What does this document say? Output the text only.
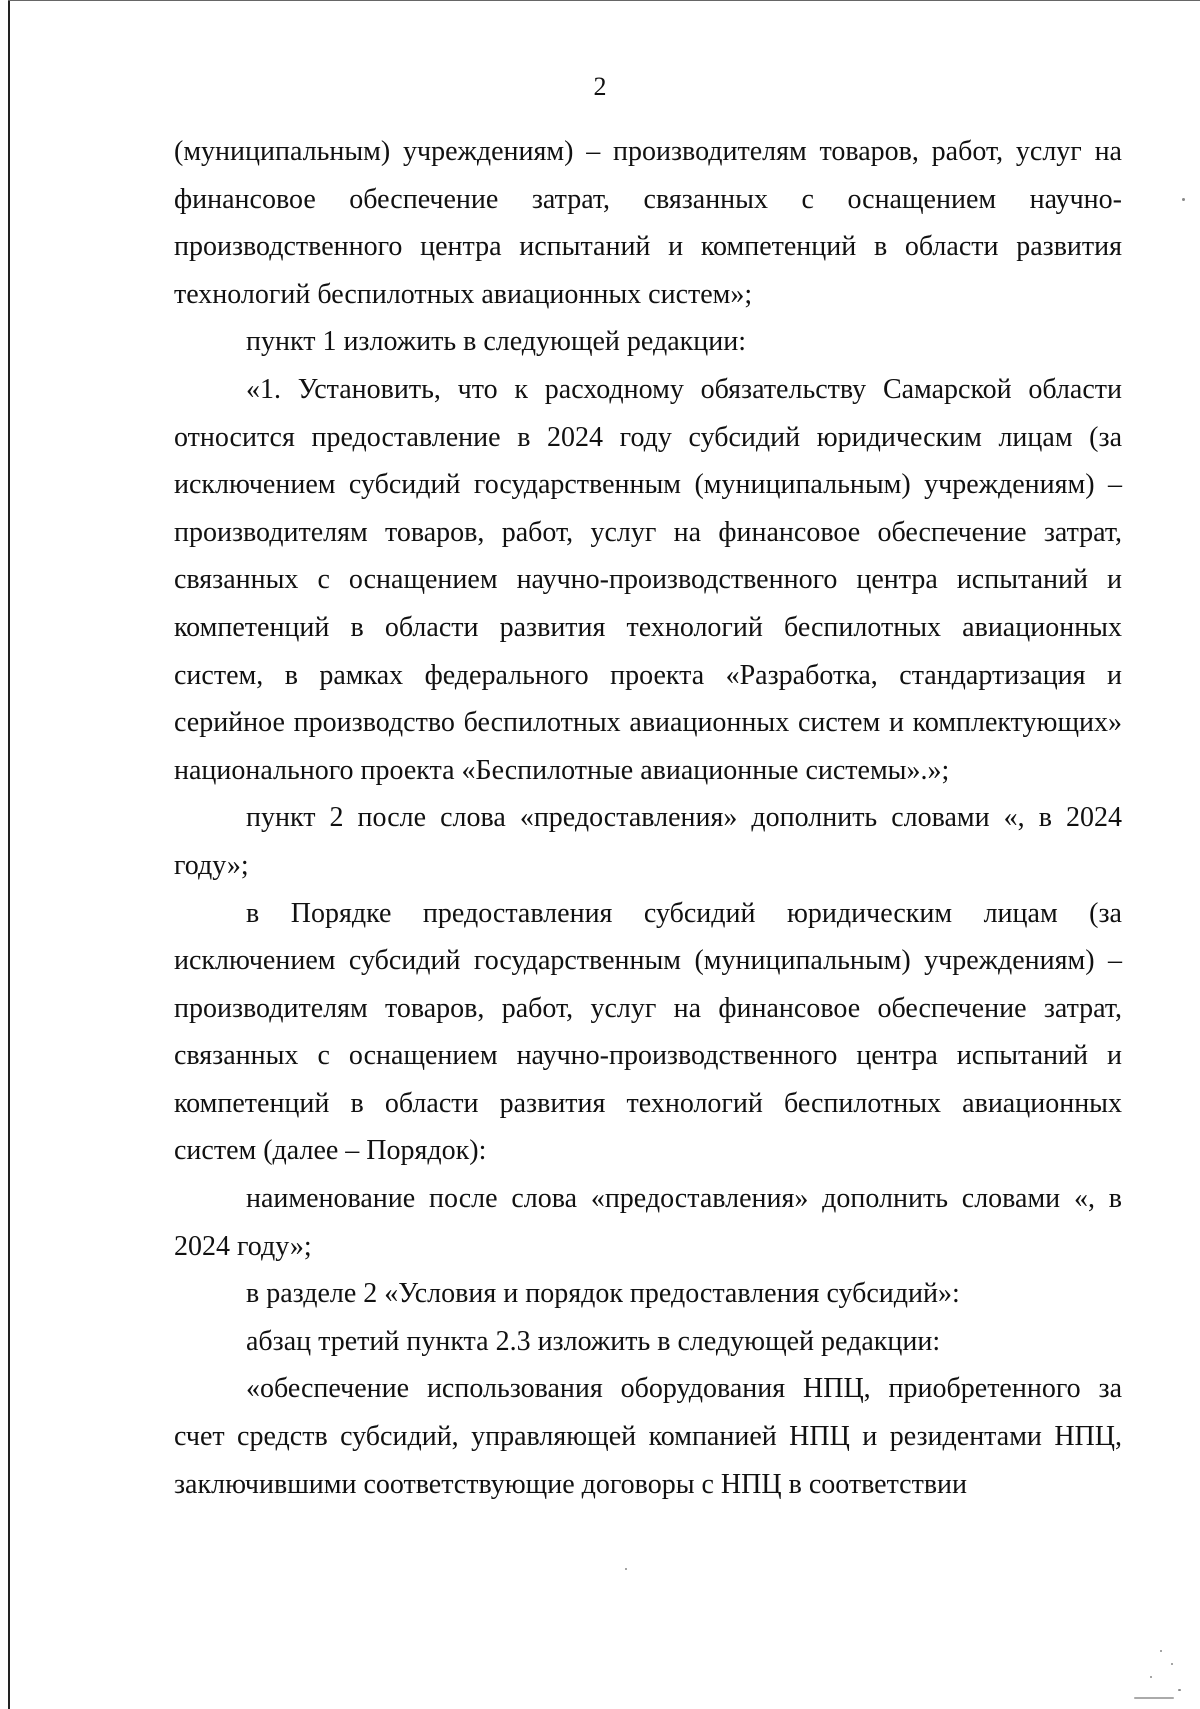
2

(муниципальным) учреждениям) – производителям товаров, работ, услуг на финансовое обеспечение затрат, связанных с оснащением научно-производственного центра испытаний и компетенций в области развития технологий беспилотных авиационных систем»;

пункт 1 изложить в следующей редакции:

«1. Установить, что к расходному обязательству Самарской области относится предоставление в 2024 году субсидий юридическим лицам (за исключением субсидий государственным (муниципальным) учреждениям) – производителям товаров, работ, услуг на финансовое обеспечение затрат, связанных с оснащением научно-производственного центра испытаний и компетенций в области развития технологий беспилотных авиационных систем, в рамках федерального проекта «Разработка, стандартизация и серийное производство беспилотных авиационных систем и комплектующих» национального проекта «Беспилотные авиационные системы».»;

пункт 2 после слова «предоставления» дополнить словами «, в 2024 году»;

в Порядке предоставления субсидий юридическим лицам (за исключением субсидий государственным (муниципальным) учреждениям) – производителям товаров, работ, услуг на финансовое обеспечение затрат, связанных с оснащением научно-производственного центра испытаний и компетенций в области развития технологий беспилотных авиационных систем (далее – Порядок):

наименование после слова «предоставления» дополнить словами «, в 2024 году»;

в разделе 2 «Условия и порядок предоставления субсидий»:

абзац третий пункта 2.3 изложить в следующей редакции:

«обеспечение использования оборудования НПЦ, приобретенного за счет средств субсидий, управляющей компанией НПЦ и резидентами НПЦ, заключившими соответствующие договоры с НПЦ в соответствии
